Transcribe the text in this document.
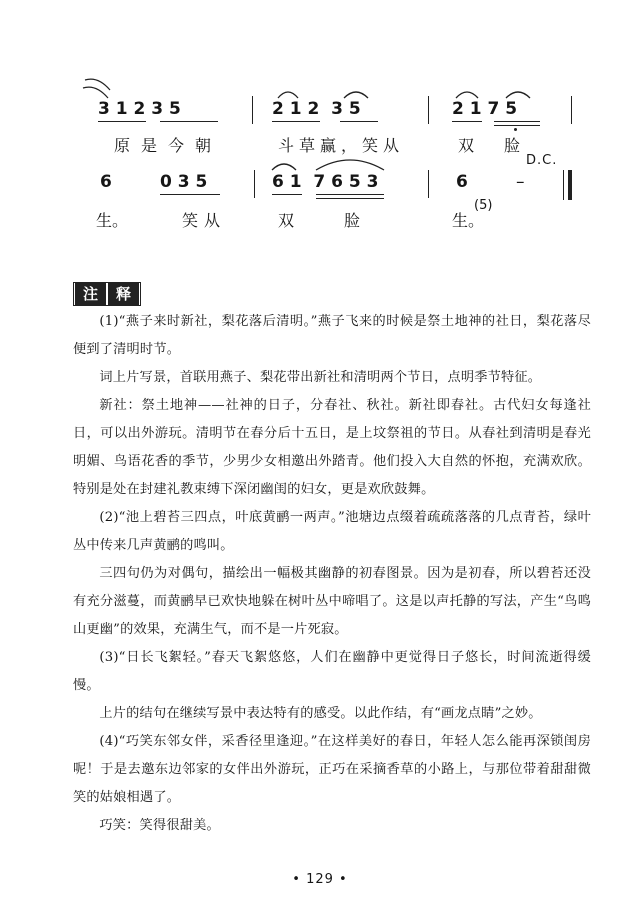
3 1 2 3 5	2 1 2  3 5	2 1 7 5
原是今朝	斗草赢，笑从	双 脸
D.C.
6	0 3 5	6 1  7 6 5 3	6	–
生。	笑从	双	脸	生。
(5)
注	释

(1)“燕子来时新社，梨花落后清明。”燕子飞来的时候是祭土地神的社日，梨花落尽便到了清明时节。

词上片写景，首联用燕子、梨花带出新社和清明两个节日，点明季节特征。

新社：祭土地神——社神的日子，分春社、秋社。新社即春社。古代妇女每逢社日，可以出外游玩。清明节在春分后十五日，是上坟祭祖的节日。从春社到清明是春光明媚、鸟语花香的季节，少男少女相邀出外踏青。他们投入大自然的怀抱，充满欢欣。特别是处在封建礼教束缚下深闭幽闺的妇女，更是欢欣鼓舞。

(2)“池上碧苔三四点，叶底黄鹂一两声。”池塘边点缀着疏疏落落的几点青苔，绿叶丛中传来几声黄鹂的鸣叫。

三四句仍为对偶句，描绘出一幅极其幽静的初春图景。因为是初春，所以碧苔还没有充分滋蔓，而黄鹂早已欢快地躲在树叶丛中啼唱了。这是以声托静的写法，产生“鸟鸣山更幽”的效果，充满生气，而不是一片死寂。

(3)“日长飞絮轻。”春天飞絮悠悠，人们在幽静中更觉得日子悠长，时间流逝得缓慢。

上片的结句在继续写景中表达特有的感受。以此作结，有“画龙点睛”之妙。

(4)“巧笑东邻女伴，采香径里逢迎。”在这样美好的春日，年轻人怎么能再深锁闺房呢！于是去邀东边邻家的女伴出外游玩，正巧在采摘香草的小路上，与那位带着甜甜微笑的姑娘相遇了。

巧笑：笑得很甜美。

• 129 •
